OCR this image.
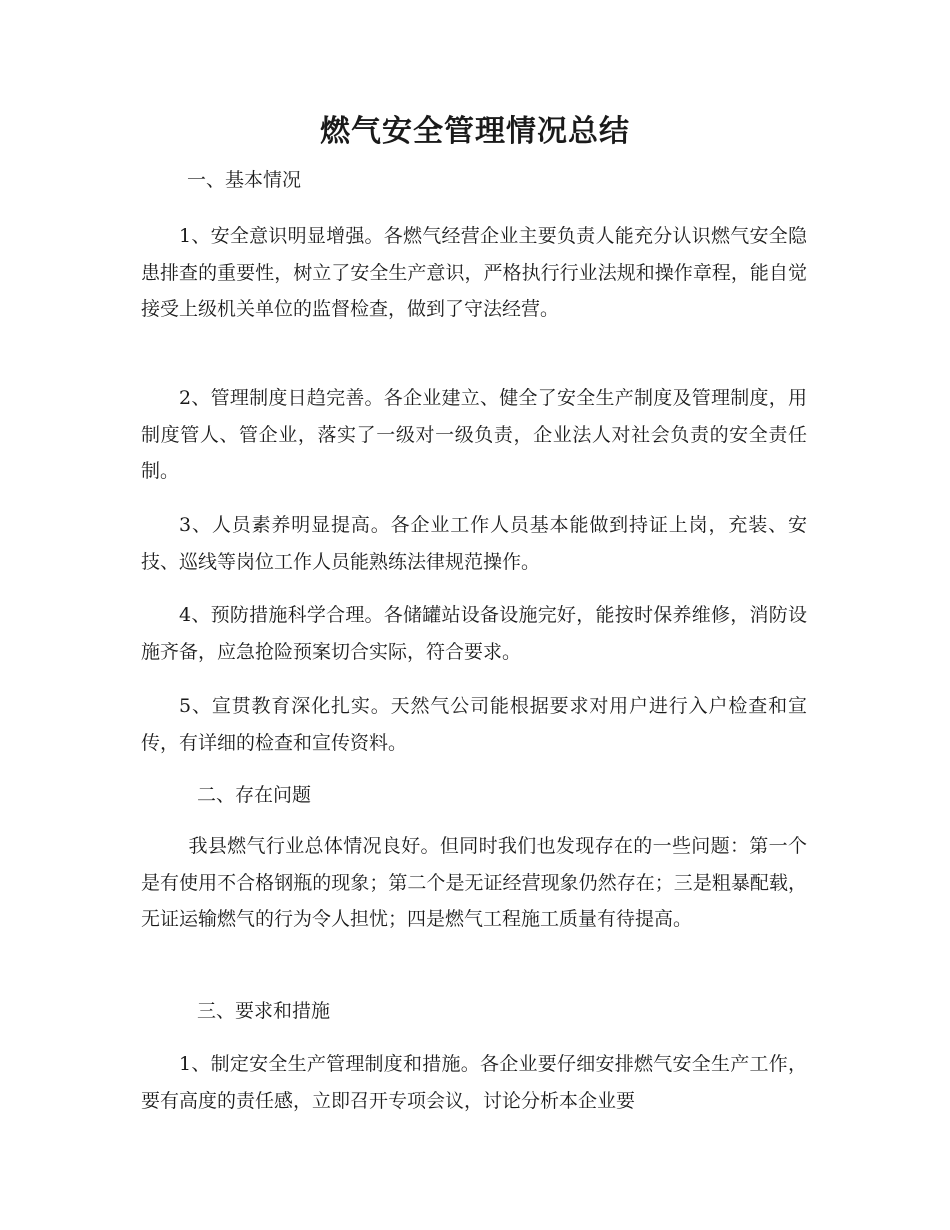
燃气安全管理情况总结
一、基本情况
1、安全意识明显增强。各燃气经营企业主要负责人能充分认识燃气安全隐患排查的重要性，树立了安全生产意识，严格执行行业法规和操作章程，能自觉接受上级机关单位的监督检查，做到了守法经营。
2、管理制度日趋完善。各企业建立、健全了安全生产制度及管理制度，用制度管人、管企业，落实了一级对一级负责，企业法人对社会负责的安全责任制。
3、人员素养明显提高。各企业工作人员基本能做到持证上岗，充装、安技、巡线等岗位工作人员能熟练法律规范操作。
4、预防措施科学合理。各储罐站设备设施完好，能按时保养维修，消防设施齐备，应急抢险预案切合实际，符合要求。
5、宣贯教育深化扎实。天然气公司能根据要求对用户进行入户检查和宣传，有详细的检查和宣传资料。
二、存在问题
我县燃气行业总体情况良好。但同时我们也发现存在的一些问题：第一个是有使用不合格钢瓶的现象；第二个是无证经营现象仍然存在；三是粗暴配载，无证运输燃气的行为令人担忧；四是燃气工程施工质量有待提高。
三、要求和措施
1、制定安全生产管理制度和措施。各企业要仔细安排燃气安全生产工作，要有高度的责任感，立即召开专项会议，讨论分析本企业要
